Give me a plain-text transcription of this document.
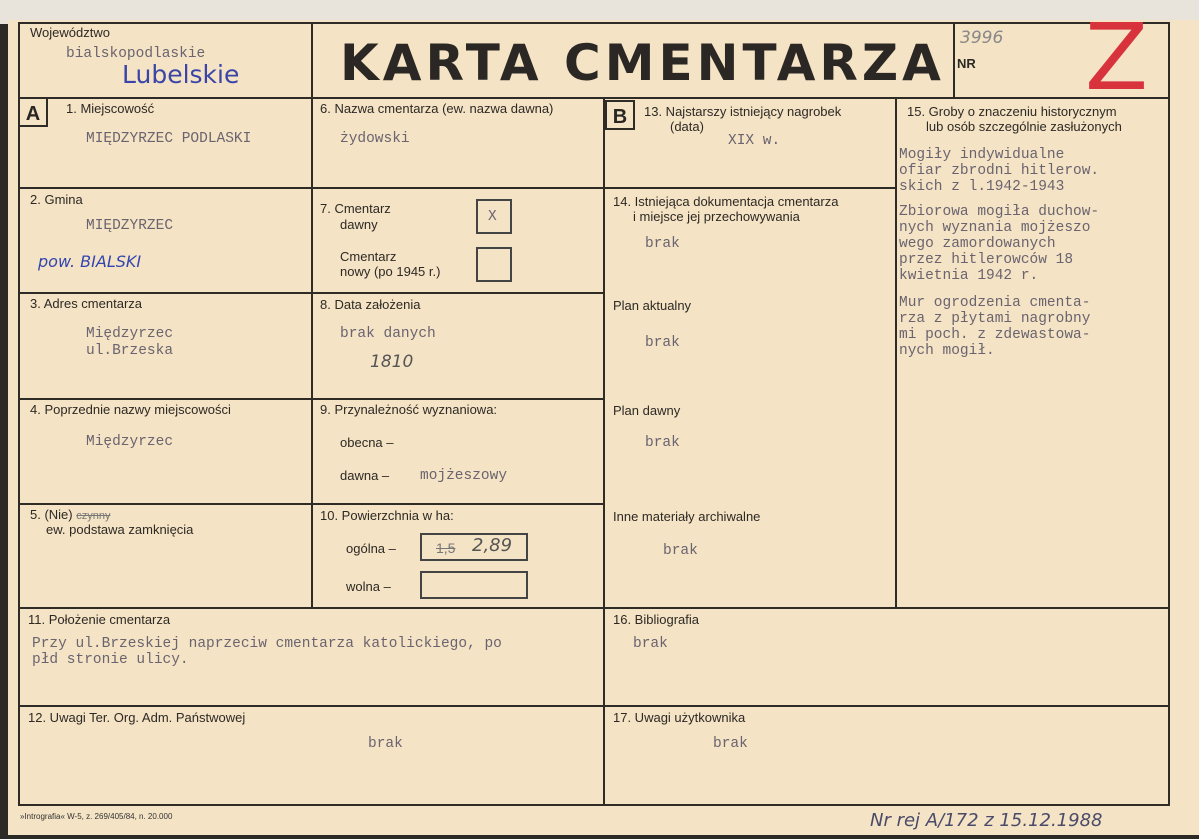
Województwo
bialskopodlaskie
Lubelskie KARTA CMENTARZA 3996
NR Z
A	1. Miejscowość
MIĘDZYRZEC PODLASKI
2. Gmina
MIĘDZYRZEC
pow. BIALSKI
3. Adres cmentarza
Międzyrzec
ul.Brzeska
4. Poprzednie nazwy miejscowości
Międzyrzec
5. (Nie) czynny
ew. podstawa zamknięcia
6. Nazwa cmentarza (ew. nazwa dawna)
żydowski
7. Cmentarz
dawny	X
Cmentarz
nowy (po 1945 r.)
8. Data założenia
brak danych
1810
9. Przynależność wyznaniowa:
obecna –
dawna – mojżeszowy
10. Powierzchnia w ha:
ogólna –	1,5 2,89
wolna –
B	13. Najstarszy istniejący nagrobek
(data)
XIX w.
14. Istniejąca dokumentacja cmentarza
i miejsce jej przechowywania
brak
Plan aktualny
brak
Plan dawny
brak
Inne materiały archiwalne
brak
15. Groby o znaczeniu historycznym
lub osób szczególnie zasłużonych
Mogiły indywidualne
ofiar zbrodni hitlerow.
skich z l.1942-1943
Zbiorowa mogiła duchow-
nych wyznania mojżeszo
wego zamordowanych
przez hitlerowców 18
kwietnia 1942 r.
Mur ogrodzenia cmenta-
rza z płytami nagrobny
mi poch. z zdewastowa-
nych mogił.
11. Położenie cmentarza
Przy ul.Brzeskiej naprzeciw cmentarza katolickiego, po
płd stronie ulicy.
16. Bibliografia
brak
12. Uwagi Ter. Org. Adm. Państwowej
brak
17. Uwagi użytkownika
brak
»Intrografia« W-5, z. 269/405/84, n. 20.000	Nr rej A/172 z 15.12.1988
